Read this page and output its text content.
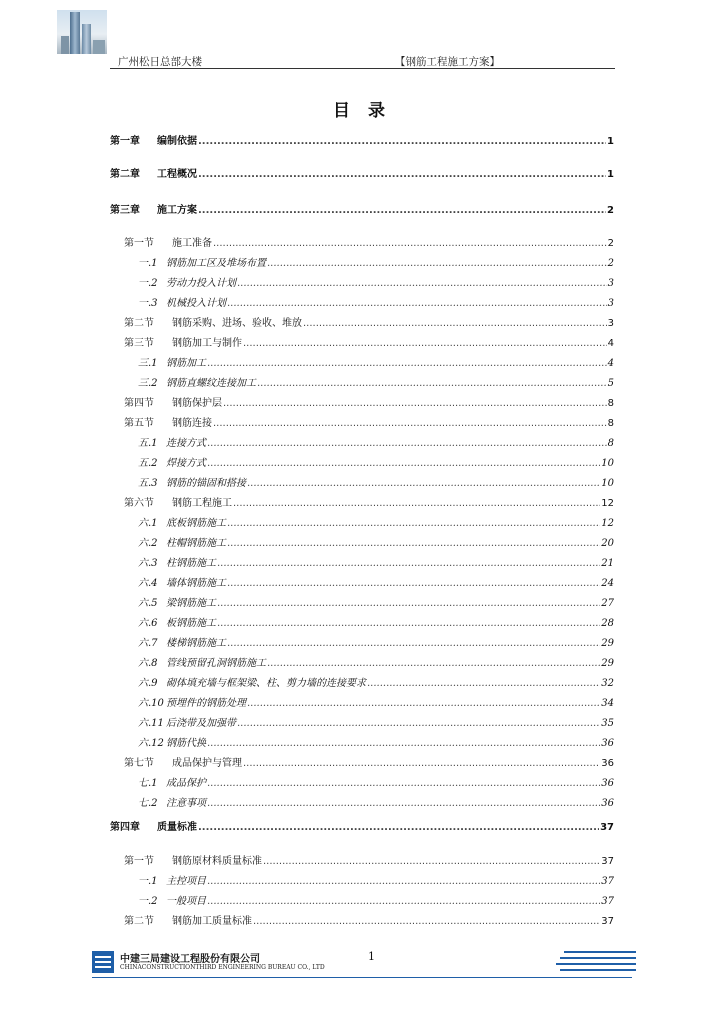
广州松日总部大楼	【钢筋工程施工方案】
目 录
第一章	编制依据 .....	1
第二章	工程概况 .....	1
第三章	施工方案 .....	2
第一节	施工准备 .....	2
一.1 钢筋加工区及堆场布置 .....	2
一.2 劳动力投入计划 .....	3
一.3 机械投入计划 .....	3
第二节	钢筋采购、进场、验收、堆放 .....	3
第三节	钢筋加工与制作 .....	4
三.1 钢筋加工 .....	4
三.2 钢筋直螺纹连接加工 .....	5
第四节	钢筋保护层 .....	8
第五节	钢筋连接 .....	8
五.1 连接方式 .....	8
五.2 焊接方式 .....	10
五.3 钢筋的锚固和搭接 .....	10
第六节	钢筋工程施工 .....	12
六.1 底板钢筋施工 .....	12
六.2 柱帽钢筋施工 .....	20
六.3 柱钢筋施工 .....	21
六.4 墙体钢筋施工 .....	24
六.5 梁钢筋施工 .....	27
六.6 板钢筋施工 .....	28
六.7 楼梯钢筋施工 .....	29
六.8 管线预留孔洞钢筋施工 .....	29
六.9 砌体填充墙与框架梁、柱、剪力墙的连接要求 .....	32
六.10 预埋件的钢筋处理 .....	34
六.11 后浇带及加强带 .....	35
六.12 钢筋代换 .....	36
第七节	成品保护与管理 .....	36
七.1 成品保护 .....	36
七.2 注意事项 .....	36
第四章	质量标准 .....	37
第一节	钢筋原材料质量标准 .....	37
一.1 主控项目 .....	37
一.2 一般项目 .....	37
第二节	钢筋加工质量标准 .....	37
中建三局建设工程股份有限公司
CHINACONSTRUCTIONTHIRD ENGINEERING BUREAU CO., LTD
1
